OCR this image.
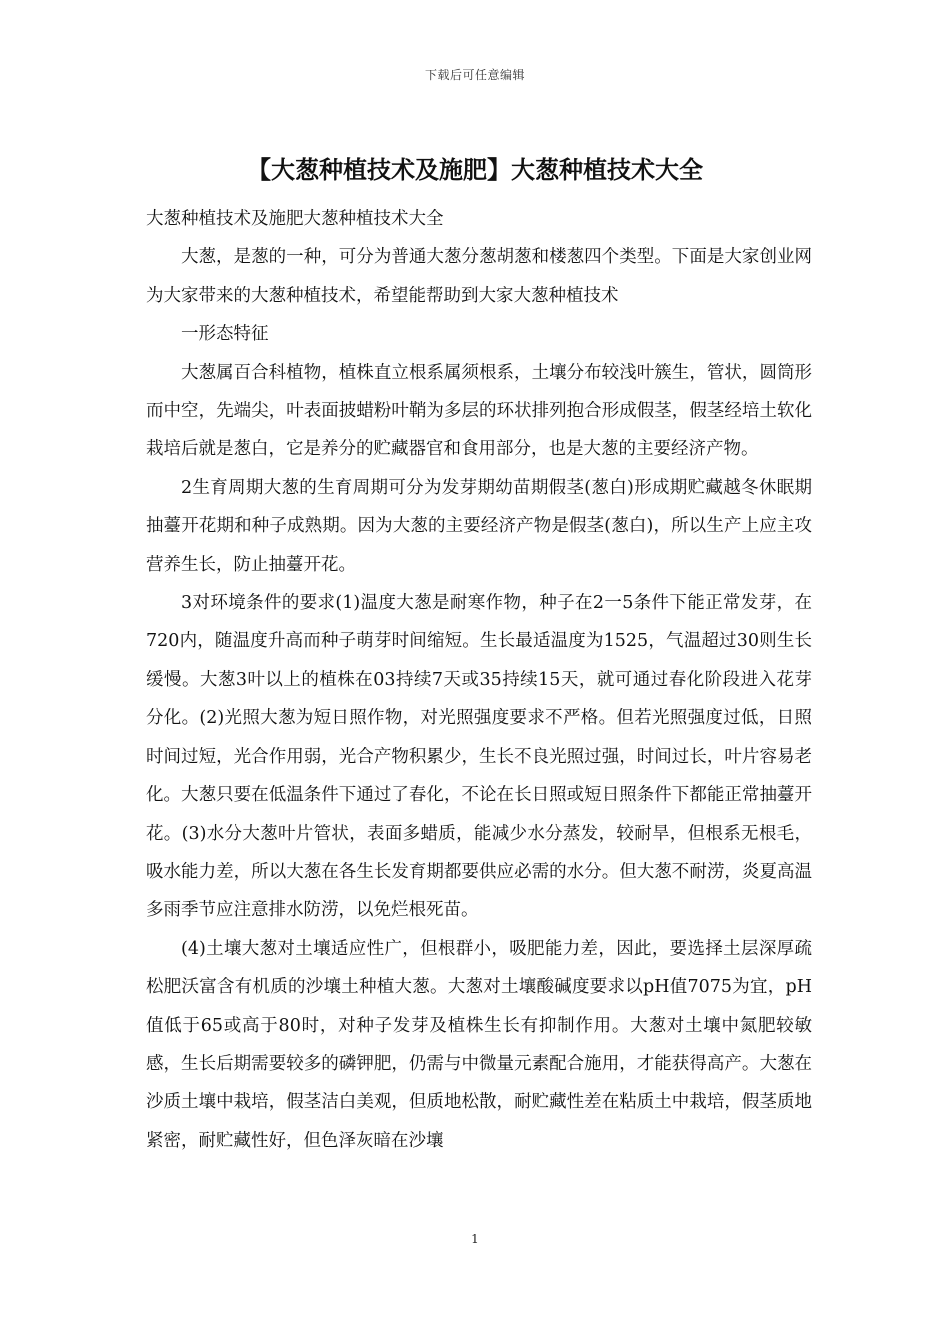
下载后可任意编辑
【大葱种植技术及施肥】大葱种植技术大全

大葱种植技术及施肥大葱种植技术大全

大葱，是葱的一种，可分为普通大葱分葱胡葱和楼葱四个类型。下面是大家创业网为大家带来的大葱种植技术，希望能帮助到大家大葱种植技术

一形态特征

大葱属百合科植物，植株直立根系属须根系，土壤分布较浅叶簇生，管状，圆筒形而中空，先端尖，叶表面披蜡粉叶鞘为多层的环状排列抱合形成假茎，假茎经培土软化栽培后就是葱白，它是养分的贮藏器官和食用部分，也是大葱的主要经济产物。

2生育周期大葱的生育周期可分为发芽期幼苗期假茎(葱白)形成期贮藏越冬休眠期抽薹开花期和种子成熟期。因为大葱的主要经济产物是假茎(葱白)，所以生产上应主攻营养生长，防止抽薹开花。

3对环境条件的要求(1)温度大葱是耐寒作物，种子在2一5条件下能正常发芽，在720内，随温度升高而种子萌芽时间缩短。生长最适温度为1525，气温超过30则生长缓慢。大葱3叶以上的植株在03持续7天或35持续15天，就可通过春化阶段进入花芽分化。(2)光照大葱为短日照作物，对光照强度要求不严格。但若光照强度过低，日照时间过短，光合作用弱，光合产物积累少，生长不良光照过强，时间过长，叶片容易老化。大葱只要在低温条件下通过了春化，不论在长日照或短日照条件下都能正常抽薹开花。(3)水分大葱叶片管状，表面多蜡质，能减少水分蒸发，较耐旱，但根系无根毛，吸水能力差，所以大葱在各生长发育期都要供应必需的水分。但大葱不耐涝，炎夏高温多雨季节应注意排水防涝，以免烂根死苗。

(4)土壤大葱对土壤适应性广，但根群小，吸肥能力差，因此，要选择土层深厚疏松肥沃富含有机质的沙壤土种植大葱。大葱对土壤酸碱度要求以pH值7075为宜，pH值低于65或高于80时，对种子发芽及植株生长有抑制作用。大葱对土壤中氮肥较敏感，生长后期需要较多的磷钾肥，仍需与中微量元素配合施用，才能获得高产。大葱在沙质土壤中栽培，假茎洁白美观，但质地松散，耐贮藏性差在粘质土中栽培，假茎质地紧密，耐贮藏性好，但色泽灰暗在沙壤

1
